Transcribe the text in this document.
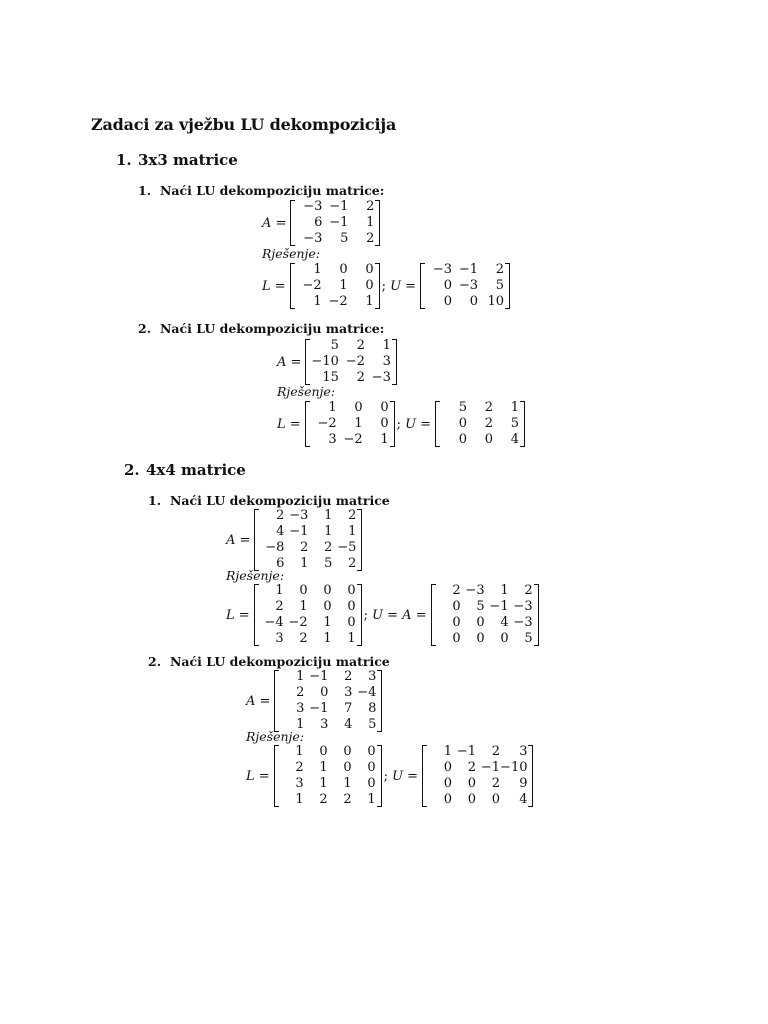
Zadaci za vježbu LU dekompozicija
1. 3x3 matrice
1. Naći LU dekompoziciju matrice:
A =
−3 −1	2
6 −1	1
−3	5	2
Rješenje:
L =
1	0	0
−2	1	0
1 −2	1
; U =
−3 −1	2
0 −3	5
0	0 10
2. Naći LU dekompoziciju matrice:
A =
5	2	1
−10 −2	3
15	2 −3
Rješenje:
L =
1	0	0
−2	1	0
3 −2	1
; U =
5	2	1
0	2	5
0	0	4
2. 4x4 matrice
1. Naći LU dekompoziciju matrice
A =
2 −3	1	2
4 −1	1	1
−8	2	2 −5
6	1	5	2
Rješenje:
L =
1	0	0	0
2	1	0	0
−4 −2	1	0
3	2	1	1
; U = A =
2 −3	1	2
0	5 −1 −3
0	0	4 −3
0	0	0	5
2. Naći LU dekompoziciju matrice
A =
1 −1	2	3
2	0	3 −4
3 −1	7	8
1	3	4	5
Rješenje:
L =
1	0	0	0
2	1	0	0
3	1	1	0
1	2	2	1
; U =
1 −1	2	3
0	2 −1 −10
0	0	2	9
0	0	0	4
